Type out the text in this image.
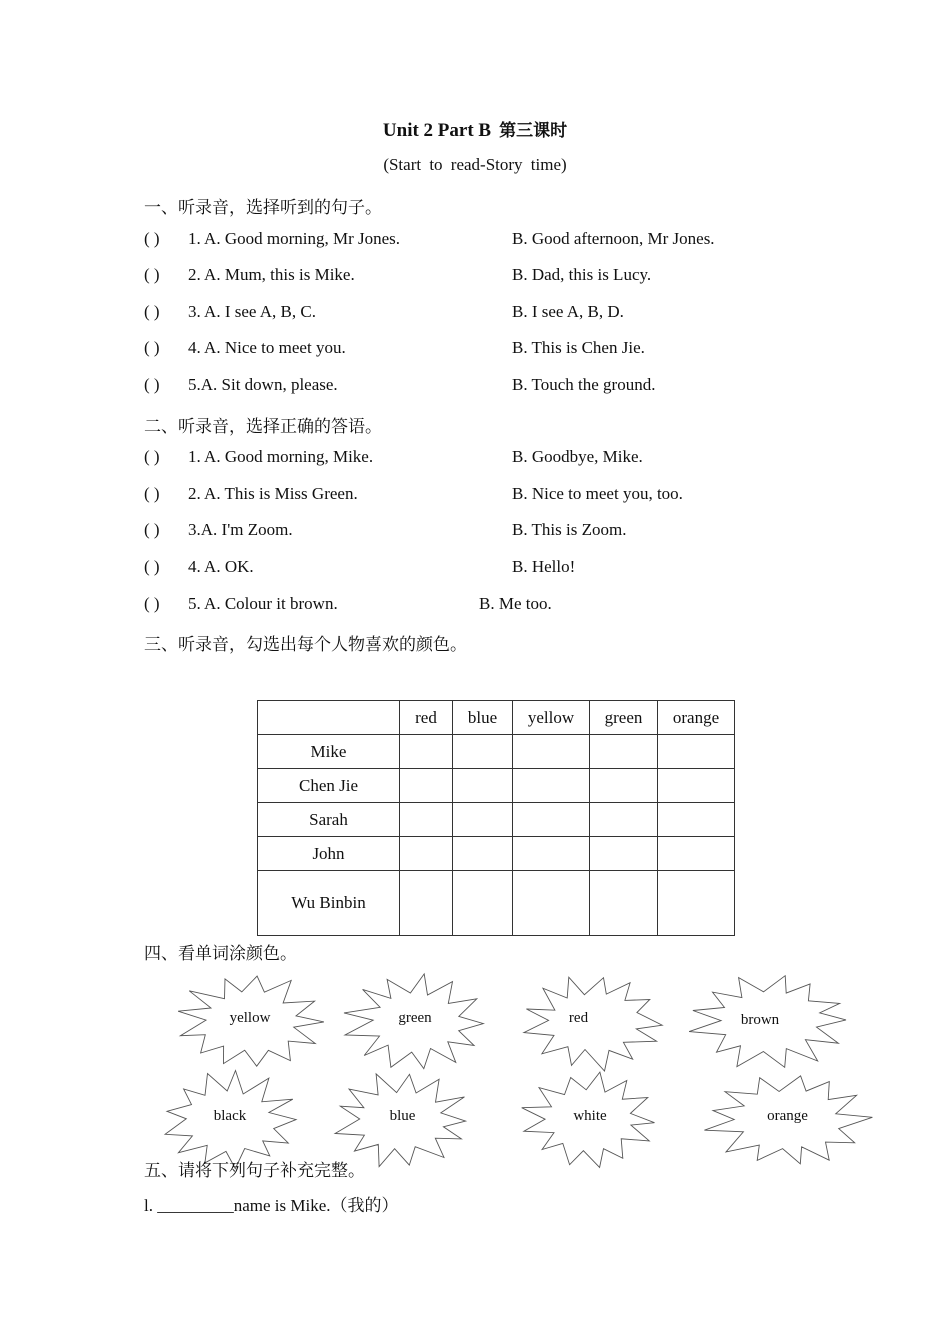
Unit 2 Part B 第三课时
(Start to read-Story time)
一、听录音，选择听到的句子。
( ) 1. A. Good morning, Mr Jones.	B. Good afternoon, Mr Jones.
( ) 2. A. Mum, this is Mike.	B. Dad, this is Lucy.
( ) 3. A. I see A, B, C.	B. I see A, B, D.
( ) 4. A. Nice to meet you.	B. This is Chen Jie.
( ) 5.A. Sit down, please.	B. Touch the ground.
二、听录音，选择正确的答语。
( ) 1. A. Good morning, Mike.	B. Goodbye, Mike.
( ) 2. A. This is Miss Green.	B. Nice to meet you, too.
( ) 3.A. I'm Zoom.	B. This is Zoom.
( ) 4. A. OK.	B. Hello!
( ) 5. A. Colour it brown.	B. Me too.
三、听录音，勾选出每个人物喜欢的颜色。
	red	blue	yellow	green	orange
Mike					
Chen Jie					
Sarah					
John					
Wu Binbin					
四、看单词涂颜色。
yellow	green	red	brown
black	blue	white	orange
五、请将下列句子补充完整。
l. _________name is Mike.（我的）
